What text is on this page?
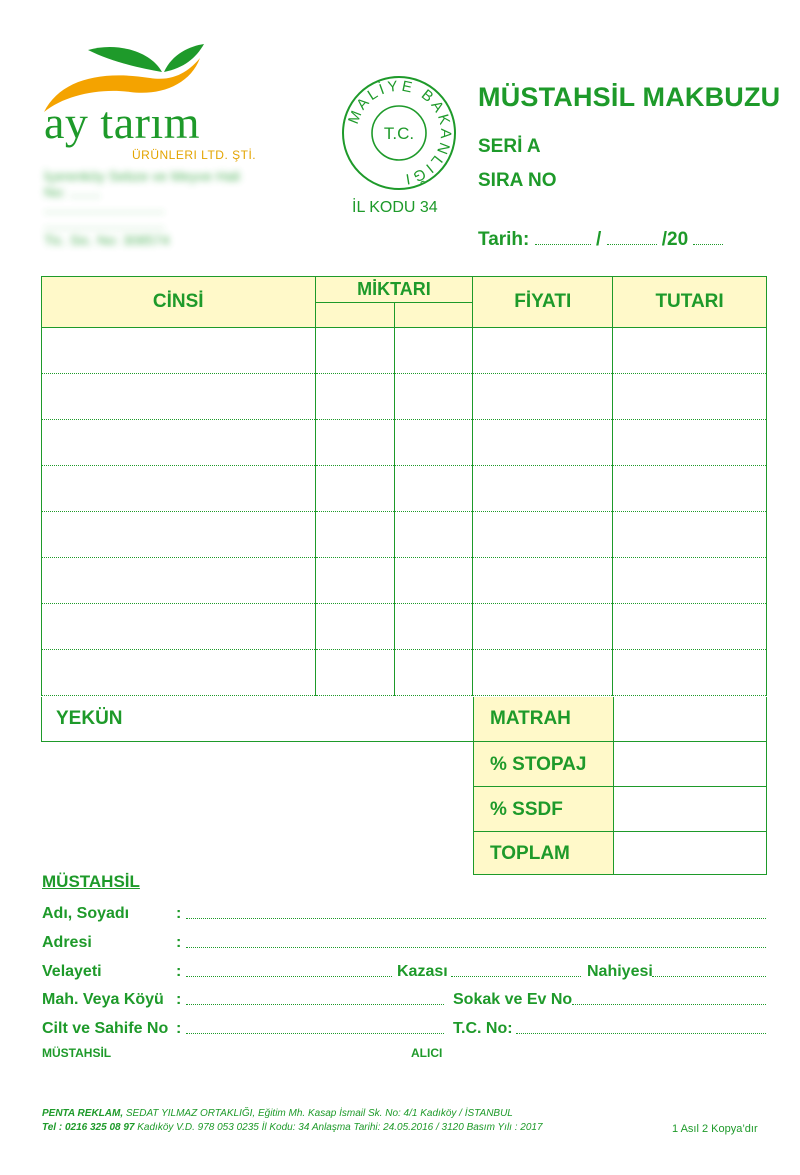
ay tarım
ÜRÜNLERI LTD. ŞTİ.
İçerenköy Sebze ve Meyve Hali
No: ........
...............................
...............................
Tic. Sic. No: 308574
MALİYE BAKANLIĞI
T.C.
İL KODU 34
MÜSTAHSİL MAKBUZU
SERİ A
SIRA NO
Tarih:	/	/20
CİNSİ	MİKTARI		FİYATI	TUTARI

YEKÜN	MATRAH
% STOPAJ
% SSDF
TOPLAM
MÜSTAHSİL
Adı, Soyadı	:
Adresi	:
Velayeti	:	Kazası	Nahiyesi
Mah. Veya Köyü :	Sokak ve Ev No
Cilt ve Sahife No :	T.C. No:
MÜSTAHSİL	ALICI
PENTA REKLAM, SEDAT YILMAZ ORTAKLIĞI, Eğitim Mh. Kasap İsmail Sk. No: 4/1 Kadıköy / İSTANBUL
Tel : 0216 325 08 97 Kadıköy V.D. 978 053 0235 İl Kodu: 34 Anlaşma Tarihi: 24.05.2016 / 3120 Basım Yılı : 2017	1 Asıl 2 Kopya’dır
